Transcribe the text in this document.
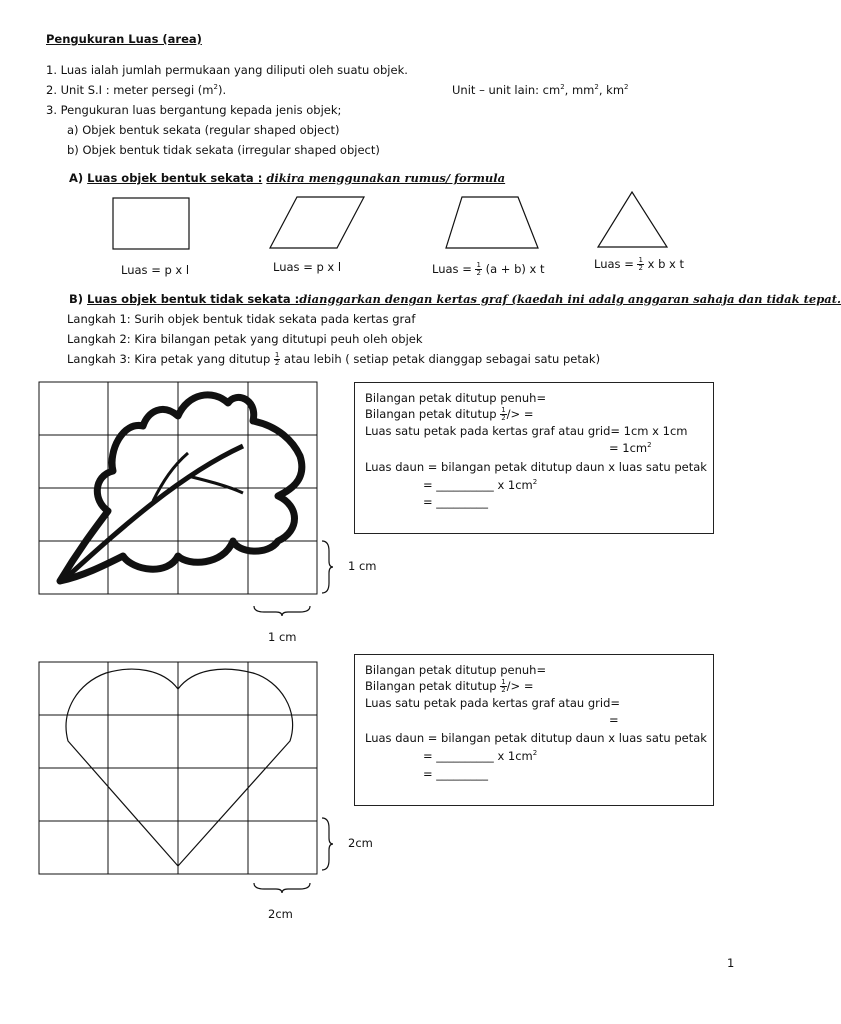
Pengukuran Luas (area)
1. Luas ialah jumlah permukaan yang diliputi oleh suatu objek.
2. Unit S.I : meter persegi $(m^2)$.	Unit – unit lain: $cm^2$, $mm^2$, $km^2$
3. Pengukuran luas bergantung kepada jenis objek;
a) Objek bentuk sekata (regular shaped object)
b) Objek bentuk tidak sekata (irregular shaped object)
A) Luas objek bentuk sekata : dikira menggunakan rumus/ formula
Luas = p x l	Luas = p x l	Luas = $\frac{1}{2} (a + b)$ x t	Luas = $\frac{1}{2}$ x b x t
B) Luas objek bentuk tidak sekata :dianggarkan dengan kertas graf (kaedah ini adalg anggaran sahaja dan tidak tepat.
Langkah 1: Surih objek bentuk tidak sekata pada kertas graf
Langkah 2: Kira bilangan petak yang ditutupi peuh oleh objek
Langkah 3: Kira petak yang ditutup $\frac{1}{2}$ atau lebih ( setiap petak dianggap sebagai satu petak)
1 cm
1 cm
Bilangan petak ditutup penuh=
Bilangan petak ditutup $\frac{1}{2}$ /> =
Luas satu petak pada kertas graf atau grid= 1cm x 1cm
= $1cm^2$
Luas daun = bilangan petak ditutup daun x luas satu petak
= __________ x $1cm^2$
= _________
2cm
2cm
Bilangan petak ditutup penuh=
Bilangan petak ditutup $\frac{1}{2}$ /> =
Luas satu petak pada kertas graf atau grid=
=
Luas daun = bilangan petak ditutup daun x luas satu petak
= __________ x $1cm^2$
= _________
1
